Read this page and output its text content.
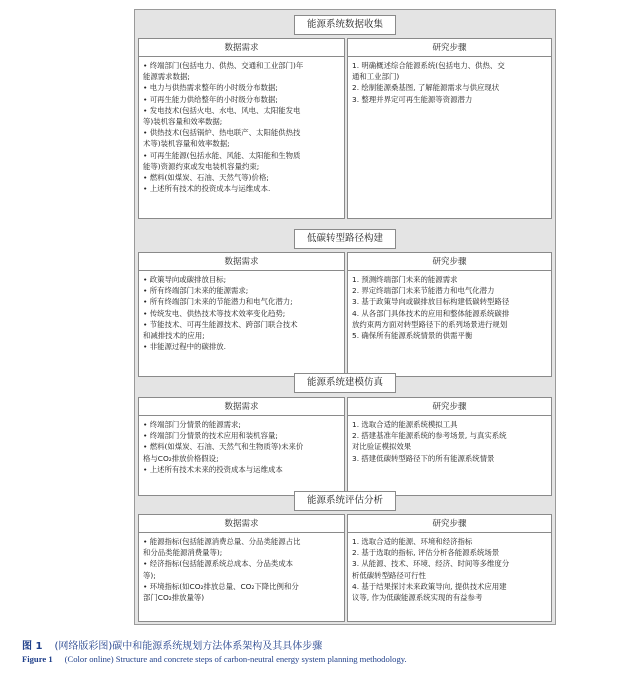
能源系统数据收集
数据需求
• 终端部门(包括电力、供热、交通和工业部门)年
能源需求数据;
• 电力与供热需求整年的小时级分布数据;
• 可再生能力供给整年的小时级分布数据;
• 发电技术(包括火电、水电、风电、太阳能发电
等)装机容量和效率数据;
• 供热技术(包括锅炉、热电联产、太阳能供热技
术等)装机容量和效率数据;
• 可再生能源(包括水能、风能、太阳能和生物质
能等)资源约束或发电装机容量约束;
• 燃料(如煤炭、石油、天然气等)价格;
• 上述所有技术的投资成本与运维成本.
研究步骤
1. 明确概述综合能源系统(包括电力、供热、交
通和工业部门)
2. 绘制能源桑基图, 了解能源需求与供应现状
3. 整理并界定可再生能源等资源潜力
低碳转型路径构建
数据需求
• 政策导向或碳排放目标;
• 所有终端部门未来的能源需求;
• 所有终端部门未来的节能潜力和电气化潜力;
• 传统发电、供热技术等技术效率变化趋势;
• 节能技术、可再生能源技术、跨部门联合技术
和减排技术的应用;
• 非能源过程中的碳排放.
研究步骤
1. 预测终端部门未来的能源需求
2. 界定终端部门未来节能潜力和电气化潜力
3. 基于政策导向或碳排放目标构建低碳转型路径
4. 从各部门具体技术的应用和整体能源系统碳排
放约束两方面对转型路径下的系列场景进行规划
5. 确保所有能源系统情景的供需平衡
能源系统建模仿真
数据需求
• 终端部门分情景的能源需求;
• 终端部门分情景的技术应用和装机容量;
• 燃料(如煤炭、石油、天然气和生物质等)未来价
格与CO₂排放价格假设;
• 上述所有技术未来的投资成本与运维成本
研究步骤
1. 选取合适的能源系统模拟工具
2. 搭建基准年能源系统的参考场景, 与真实系统
对比验证模拟效果
3. 搭建低碳转型路径下的所有能源系统情景
能源系统评估分析
数据需求
• 能源指标(包括能源消费总量、分品类能源占比
和分品类能源消费量等);
• 经济指标(包括能源系统总成本、分品类成本
等);
• 环境指标(如CO₂排放总量、CO₂下降比例和分
部门CO₂排放量等)
研究步骤
1. 选取合适的能源、环境和经济指标
2. 基于选取的指标, 评估分析各能源系统场景
3. 从能源、技术、环境、经济、时间等多维度分
析低碳转型路径可行性
4. 基于结果探讨未来政策导向, 提供技术应用建
议等, 作为低碳能源系统实现的有益参考
图 1 (网络版彩图)碳中和能源系统规划方法体系架构及其具体步骤
Figure 1 (Color online) Structure and concrete steps of carbon-neutral energy system planning methodology.
